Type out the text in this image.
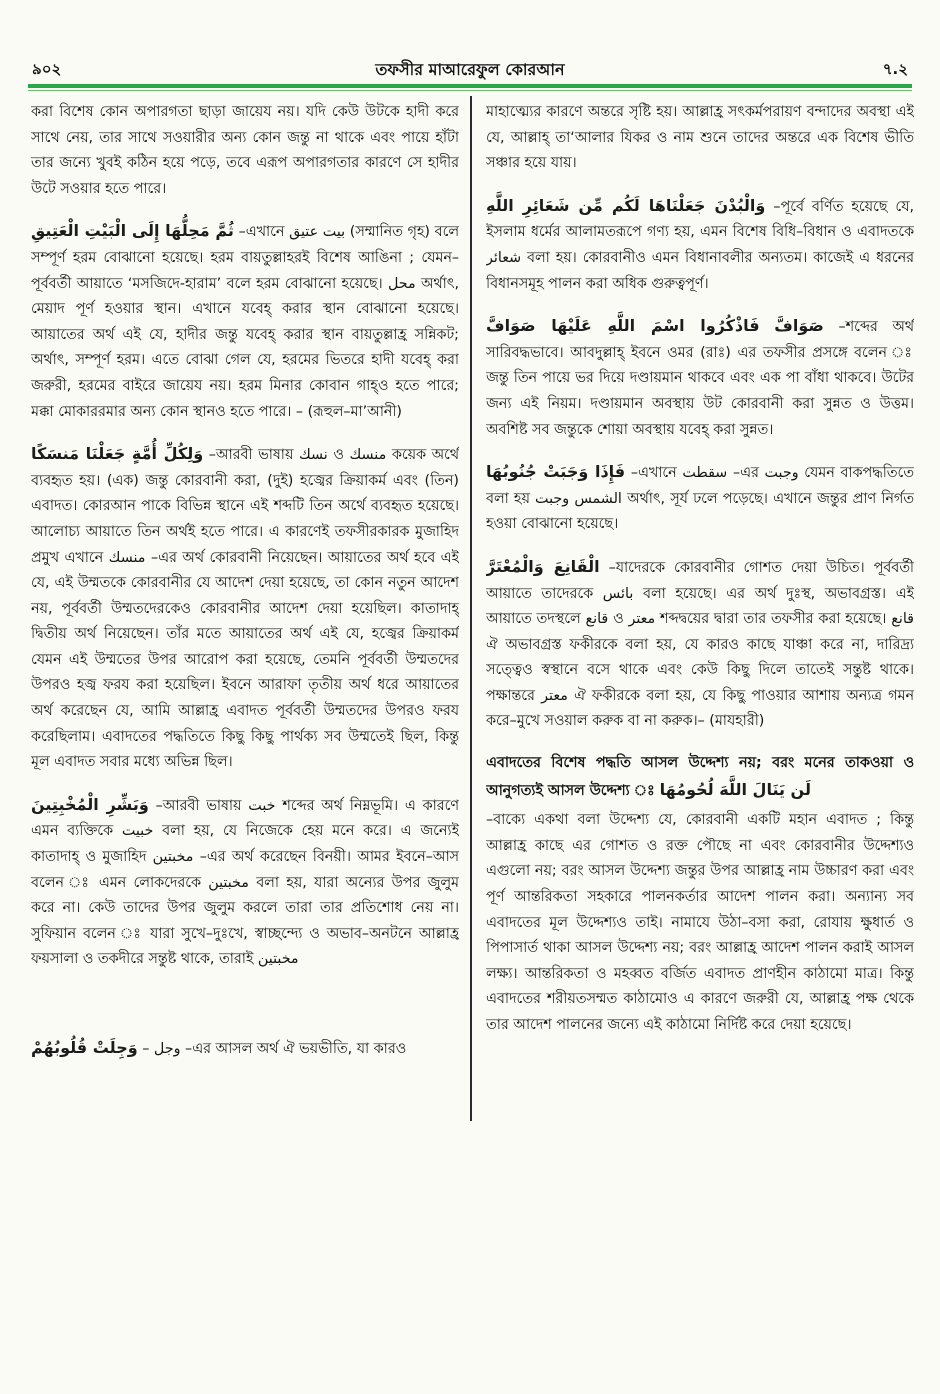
৯০২	তফসীর মাআরেফুল কোরআন	৭.২

করা বিশেষ কোন অপারগতা ছাড়া জায়েয নয়। যদি কেউ উটকে হাদী করে সাথে নেয়, তার সাথে সওয়ারীর অন্য কোন জন্তু না থাকে এবং পায়ে হাঁটা তার জন্যে খুবই কঠিন হয়ে পড়ে, তবে এরূপ অপারগতার কারণে সে হাদীর উটে সওয়ার হতে পারে।

ثُمَّ مَحِلُّهَا إِلَى الْبَيْتِ الْعَتِيقِ –এখানে بيت عتيق (সম্মানিত গৃহ) বলে সম্পূর্ণ হরম বোঝানো হয়েছে। হরম বায়তুল্লাহরই বিশেষ আঙিনা ; যেমন–পূর্ববর্তী আয়াতে ‘মসজিদে-হারাম’ বলে হরম বোঝানো হয়েছে। محل অর্থাৎ, মেয়াদ পূর্ণ হওয়ার স্থান। এখানে যবেহ্ করার স্থান বোঝানো হয়েছে। আয়াতের অর্থ এই যে, হাদীর জন্তু যবেহ্ করার স্থান বায়তুল্লাহ্র সন্নিকট; অর্থাৎ, সম্পূর্ণ হরম। এতে বোঝা গেল যে, হরমের ভিতরে হাদী যবেহ্ করা জরুরী, হরমের বাইরে জায়েয নয়। হরম মিনার কোবান গাহ্ও হতে পারে; মক্কা মোকাররমার অন্য কোন স্থানও হতে পারে। – (রূহুল–মা’আনী)

وَلِكُلِّ أُمَّةٍ جَعَلْنَا مَنسَكًا –আরবী ভাষায় نسك ও منسك কয়েক অর্থে ব্যবহৃত হয়। (এক) জন্তু কোরবানী করা, (দুই) হজ্বের ক্রিয়াকর্ম এবং (তিন) এবাদত। কোরআন পাকে বিভিন্ন স্থানে এই শব্দটি তিন অর্থে ব্যবহৃত হয়েছে। আলোচ্য আয়াতে তিন অর্থই হতে পারে। এ কারণেই তফসীরকারক মুজাহিদ প্রমুখ এখানে منسك –এর অর্থ কোরবানী নিয়েছেন। আয়াতের অর্থ হবে এই যে, এই উম্মতকে কোরবানীর যে আদেশ দেয়া হয়েছে, তা কোন নতুন আদেশ নয়, পূর্ববর্তী উম্মতদেরকেও কোরবানীর আদেশ দেয়া হয়েছিল। কাতাদাহ্ দ্বিতীয় অর্থ নিয়েছেন। তাঁর মতে আয়াতের অর্থ এই যে, হজ্বের ক্রিয়াকর্ম যেমন এই উম্মতের উপর আরোপ করা হয়েছে, তেমনি পূর্ববর্তী উম্মতদের উপরও হজ্ব ফরয করা হয়েছিল। ইবনে আরাফা তৃতীয় অর্থ ধরে আয়াতের অর্থ করেছেন যে, আমি আল্লাহ্র এবাদত পূর্ববর্তী উম্মতদের উপরও ফরয করেছিলাম। এবাদতের পদ্ধতিতে কিছু কিছু পার্থক্য সব উম্মতেই ছিল, কিন্তু মূল এবাদত সবার মধ্যে অভিন্ন ছিল।

وَبَشِّرِ الْمُخْبِتِينَ –আরবী ভাষায় خبت শব্দের অর্থ নিম্নভূমি। এ কারণে এমন ব্যক্তিকে خبيت বলা হয়, যে নিজেকে হেয় মনে করে। এ জন্যেই কাতাদাহ্ ও মুজাহিদ مخبتين –এর অর্থ করেছেন বিনয়ী। আমর ইবনে–আস বলেন ঃ এমন লোকদেরকে مخبتين বলা হয়, যারা অন্যের উপর জুলুম করে না। কেউ তাদের উপর জুলুম করলে তারা তার প্রতিশোধ নেয় না। সুফিয়ান বলেন ঃ যারা সুখে–দুঃখে, স্বাচ্ছন্দ্যে ও অভাব–অনটনে আল্লাহ্র ফয়সালা ও তকদীরে সন্তুষ্ট থাকে, তারাই مخبتين

وَجِلَتْ قُلُوبُهُمْ – وجل –এর আসল অর্থ ঐ ভয়ভীতি, যা কারও

মাহাত্ম্যের কারণে অন্তরে সৃষ্টি হয়। আল্লাহ্র সৎকর্মপরায়ণ বন্দাদের অবস্থা এই যে, আল্লাহ্ তা‘আলার যিকর ও নাম শুনে তাদের অন্তরে এক বিশেষ ভীতি সঞ্চার হয়ে যায়।

وَالْبُدْنَ جَعَلْنَاهَا لَكُم مِّن شَعَائِرِ اللَّهِ –পূর্বে বর্ণিত হয়েছে যে, ইসলাম ধর্মের আলামতরূপে গণ্য হয়, এমন বিশেষ বিধি–বিধান ও এবাদতকে شعائر বলা হয়। কোরবানীও এমন বিধানাবলীর অন্যতম। কাজেই এ ধরনের বিধানসমূহ পালন করা অধিক গুরুত্বপূর্ণ।

فَاذْكُرُوا اسْمَ اللَّهِ عَلَيْهَا صَوَافَّ صَوَافَّ –শব্দের অর্থ সারিবদ্ধভাবে। আবদুল্লাহ্ ইবনে ওমর (রাঃ) এর তফসীর প্রসঙ্গে বলেন ঃ জন্তু তিন পায়ে ভর দিয়ে দণ্ডায়মান থাকবে এবং এক পা বাঁধা থাকবে। উটের জন্য এই নিয়ম। দণ্ডায়মান অবস্থায় উট কোরবানী করা সুন্নত ও উত্তম। অবশিষ্ট সব জন্তুকে শোয়া অবস্থায় যবেহ্ করা সুন্নত।

فَإِذَا وَجَبَتْ جُنُوبُهَا –এখানে سقطت –এর وجبت যেমন বাকপদ্ধতিতে বলা হয় الشمس وجبت অর্থাৎ, সূর্য ঢলে পড়েছে। এখানে জন্তুর প্রাণ নির্গত হওয়া বোঝানো হয়েছে।

الْقَانِعَ وَالْمُعْتَرَّ –যাদেরকে কোরবানীর গোশত দেয়া উচিত। পূর্ববর্তী আয়াতে তাদেরকে بائس বলা হয়েছে। এর অর্থ দুঃস্থ, অভাবগ্রস্ত। এই আয়াতে তদস্থলে قانع ও معتر শব্দদ্বয়ের দ্বারা তার তফসীর করা হয়েছে। قانع ঐ অভাবগ্রস্ত ফকীরকে বলা হয়, যে কারও কাছে যাঞ্চা করে না, দারিদ্র্য সত্ত্বেও স্বস্থানে বসে থাকে এবং কেউ কিছু দিলে তাতেই সন্তুষ্ট থাকে। পক্ষান্তরে معتر ঐ ফকীরকে বলা হয়, যে কিছু পাওয়ার আশায় অন্যত্র গমন করে–মুখে সওয়াল করুক বা না করুক।– (মাযহারী)

এবাদতের বিশেষ পদ্ধতি আসল উদ্দেশ্য নয়; বরং মনের তাকওয়া ও আনুগত্যই আসল উদ্দেশ্য ঃ لَن يَنَالَ اللَّهَ لُحُومُهَا

–বাক্যে একথা বলা উদ্দেশ্য যে, কোরবানী একটি মহান এবাদত ; কিন্তু আল্লাহ্র কাছে এর গোশত ও রক্ত পৌছে না এবং কোরবানীর উদ্দেশ্যও এগুলো নয়; বরং আসল উদ্দেশ্য জন্তুর উপর আল্লাহ্র নাম উচ্চারণ করা এবং পূর্ণ আন্তরিকতা সহকারে পালনকর্তার আদেশ পালন করা। অন্যান্য সব এবাদতের মূল উদ্দেশ্যও তাই। নামাযে উঠা–বসা করা, রোযায় ক্ষুধার্ত ও পিপাসার্ত থাকা আসল উদ্দেশ্য নয়; বরং আল্লাহ্র আদেশ পালন করাই আসল লক্ষ্য। আন্তরিকতা ও মহব্বত বর্জিত এবাদত প্রাণহীন কাঠামো মাত্র। কিন্তু এবাদতের শরীয়তসম্মত কাঠামোও এ কারণে জরুরী যে, আল্লাহ্র পক্ষ থেকে তার আদেশ পালনের জন্যে এই কাঠামো নির্দিষ্ট করে দেয়া হয়েছে।
